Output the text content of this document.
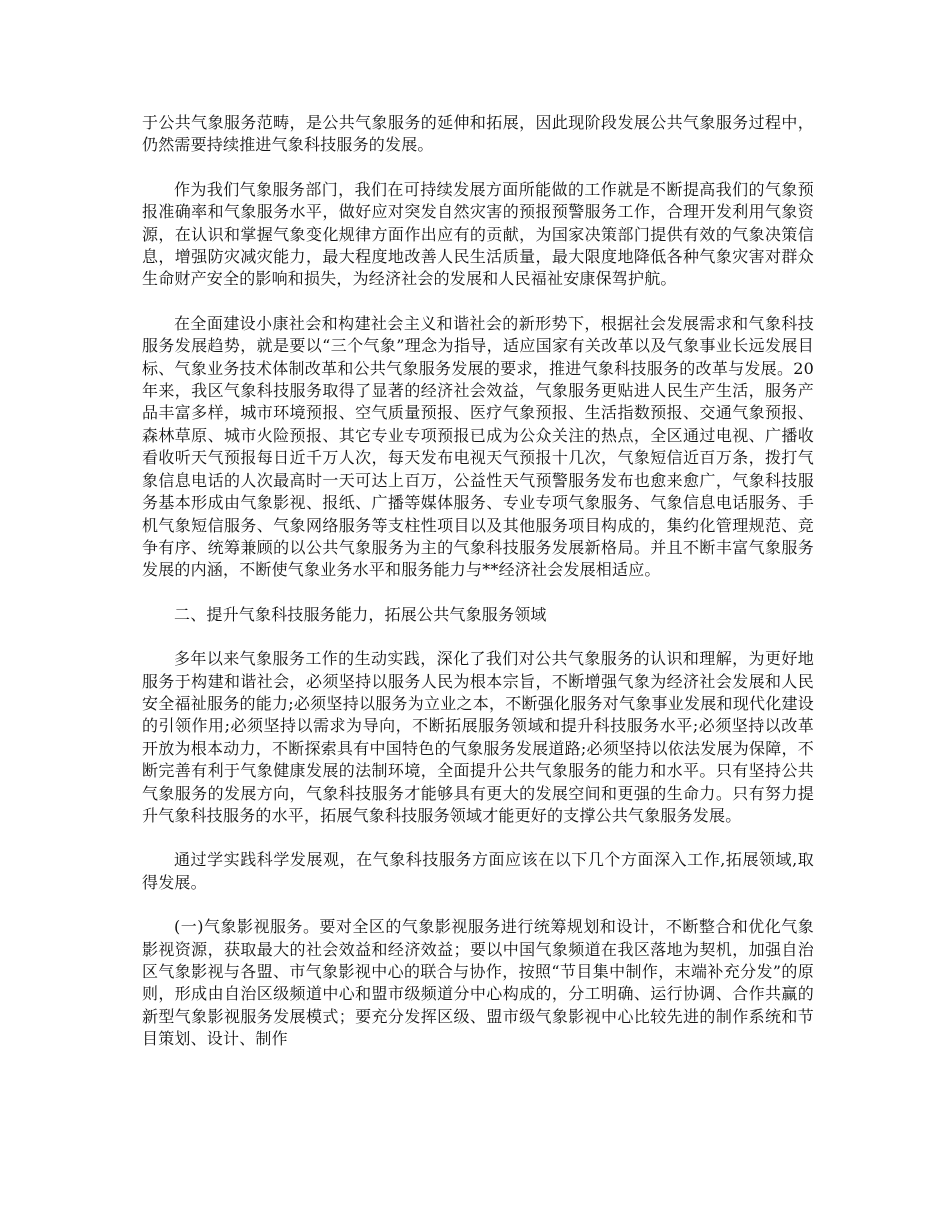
于公共气象服务范畴，是公共气象服务的延伸和拓展，因此现阶段发展公共气象服务过程中，仍然需要持续推进气象科技服务的发展。

作为我们气象服务部门，我们在可持续发展方面所能做的工作就是不断提高我们的气象预报准确率和气象服务水平，做好应对突发自然灾害的预报预警服务工作，合理开发利用气象资源，在认识和掌握气象变化规律方面作出应有的贡献，为国家决策部门提供有效的气象决策信息，增强防灾减灾能力，最大程度地改善人民生活质量，最大限度地降低各种气象灾害对群众生命财产安全的影响和损失，为经济社会的发展和人民福祉安康保驾护航。

在全面建设小康社会和构建社会主义和谐社会的新形势下，根据社会发展需求和气象科技服务发展趋势，就是要以“三个气象”理念为指导，适应国家有关改革以及气象事业长远发展目标、气象业务技术体制改革和公共气象服务发展的要求，推进气象科技服务的改革与发展。20年来，我区气象科技服务取得了显著的经济社会效益，气象服务更贴进人民生产生活，服务产品丰富多样，城市环境预报、空气质量预报、医疗气象预报、生活指数预报、交通气象预报、森林草原、城市火险预报、其它专业专项预报已成为公众关注的热点，全区通过电视、广播收看收听天气预报每日近千万人次，每天发布电视天气预报十几次，气象短信近百万条，拨打气象信息电话的人次最高时一天可达上百万，公益性天气预警服务发布也愈来愈广，气象科技服务基本形成由气象影视、报纸、广播等媒体服务、专业专项气象服务、气象信息电话服务、手机气象短信服务、气象网络服务等支柱性项目以及其他服务项目构成的，集约化管理规范、竞争有序、统筹兼顾的以公共气象服务为主的气象科技服务发展新格局。并且不断丰富气象服务发展的内涵，不断使气象业务水平和服务能力与**经济社会发展相适应。

二、提升气象科技服务能力，拓展公共气象服务领域

多年以来气象服务工作的生动实践，深化了我们对公共气象服务的认识和理解，为更好地服务于构建和谐社会，必须坚持以服务人民为根本宗旨，不断增强气象为经济社会发展和人民安全福祉服务的能力;必须坚持以服务为立业之本，不断强化服务对气象事业发展和现代化建设的引领作用;必须坚持以需求为导向，不断拓展服务领域和提升科技服务水平;必须坚持以改革开放为根本动力，不断探索具有中国特色的气象服务发展道路;必须坚持以依法发展为保障，不断完善有利于气象健康发展的法制环境，全面提升公共气象服务的能力和水平。只有坚持公共气象服务的发展方向，气象科技服务才能够具有更大的发展空间和更强的生命力。只有努力提升气象科技服务的水平，拓展气象科技服务领域才能更好的支撑公共气象服务发展。

通过学实践科学发展观，在气象科技服务方面应该在以下几个方面深入工作,拓展领域,取得发展。

(一)气象影视服务。要对全区的气象影视服务进行统筹规划和设计，不断整合和优化气象影视资源，获取最大的社会效益和经济效益；要以中国气象频道在我区落地为契机，加强自治区气象影视与各盟、市气象影视中心的联合与协作，按照“节目集中制作，末端补充分发”的原则，形成由自治区级频道中心和盟市级频道分中心构成的，分工明确、运行协调、合作共赢的新型气象影视服务发展模式；要充分发挥区级、盟市级气象影视中心比较先进的制作系统和节目策划、设计、制作
